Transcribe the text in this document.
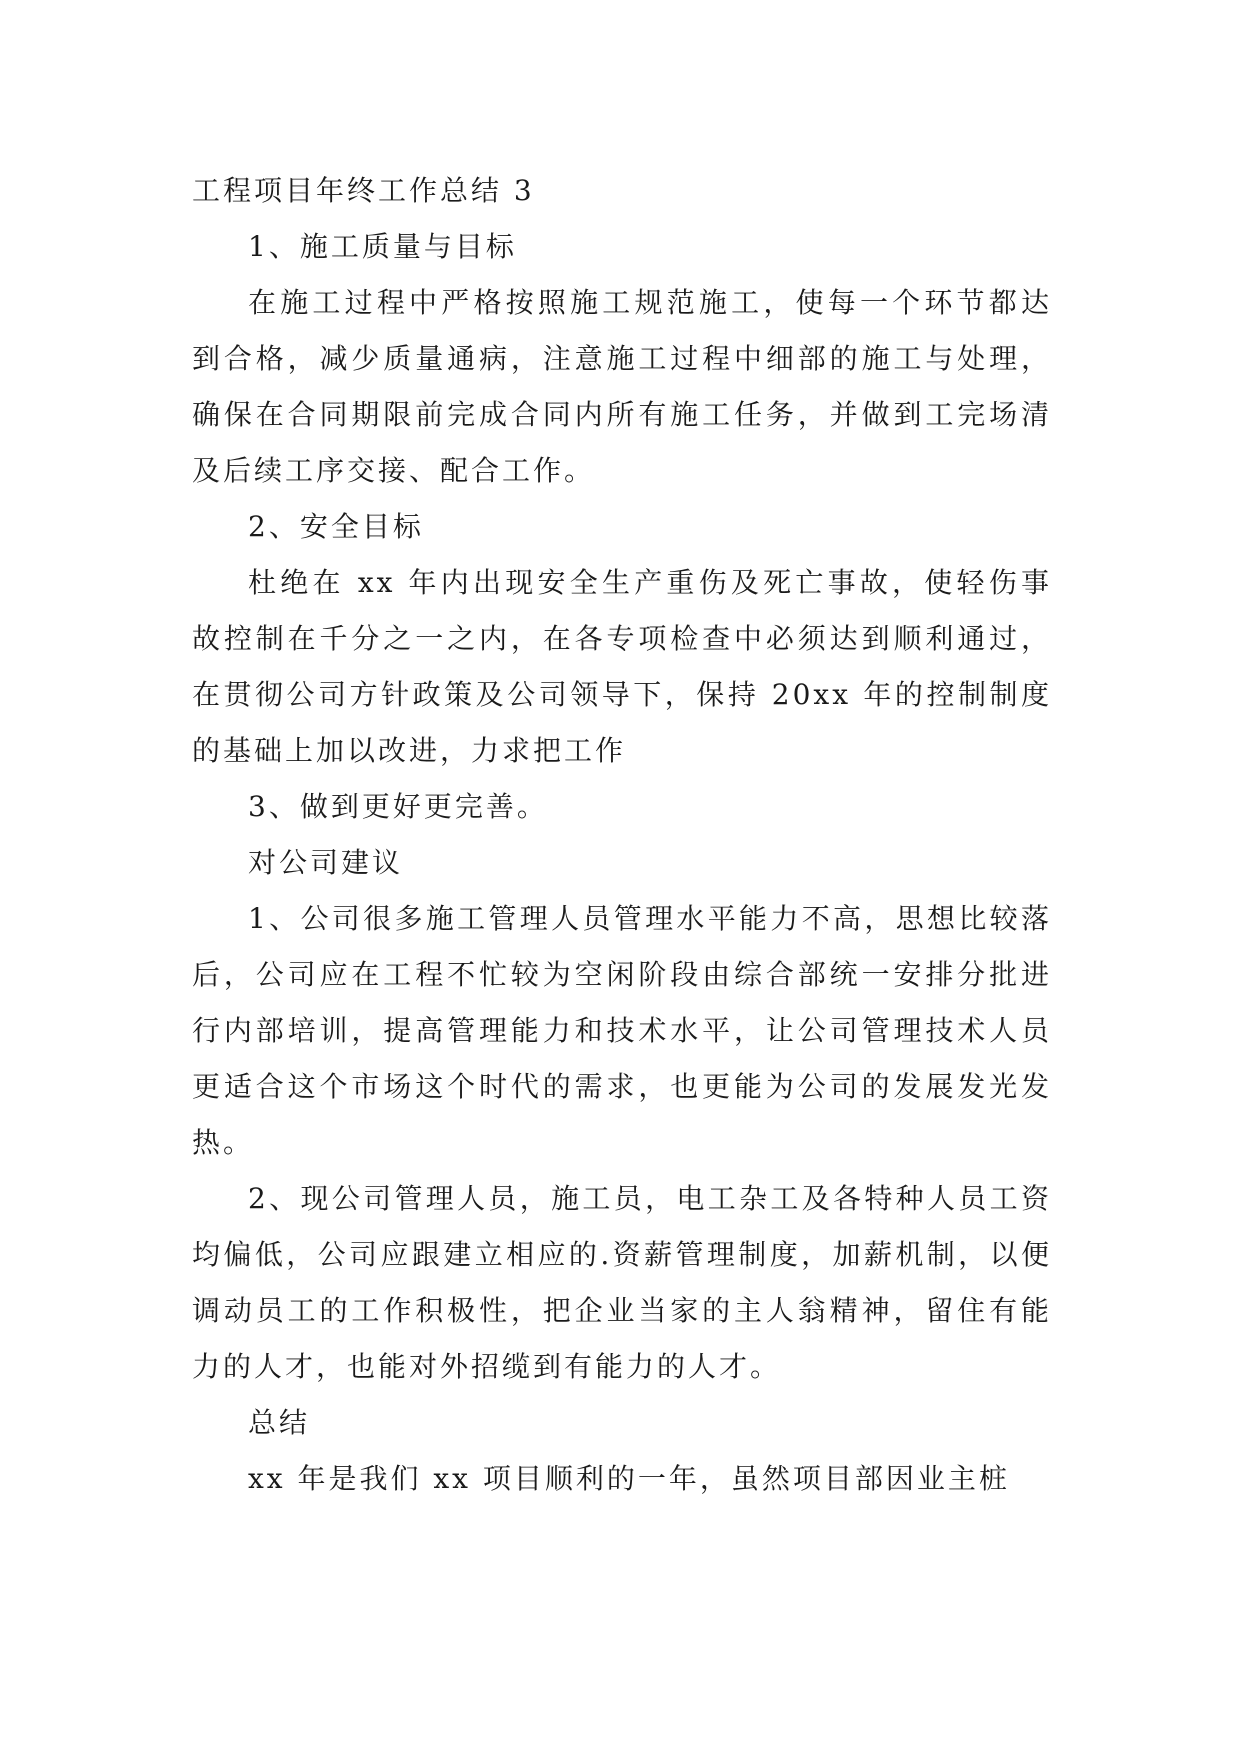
工程项目年终工作总结 3

1、施工质量与目标

在施工过程中严格按照施工规范施工，使每一个环节都达到合格，减少质量通病，注意施工过程中细部的施工与处理，确保在合同期限前完成合同内所有施工任务，并做到工完场清及后续工序交接、配合工作。

2、安全目标

杜绝在 xx 年内出现安全生产重伤及死亡事故，使轻伤事故控制在千分之一之内，在各专项检查中必须达到顺利通过，在贯彻公司方针政策及公司领导下，保持 20xx 年的控制制度的基础上加以改进，力求把工作

3、做到更好更完善。

对公司建议

1、公司很多施工管理人员管理水平能力不高，思想比较落后，公司应在工程不忙较为空闲阶段由综合部统一安排分批进行内部培训，提高管理能力和技术水平，让公司管理技术人员更适合这个市场这个时代的需求，也更能为公司的发展发光发热。

2、现公司管理人员，施工员，电工杂工及各特种人员工资均偏低，公司应跟建立相应的.资薪管理制度，加薪机制，以便调动员工的工作积极性，把企业当家的主人翁精神，留住有能力的人才，也能对外招缆到有能力的人才。

总结

xx 年是我们 xx 项目顺利的一年，虽然项目部因业主桩
